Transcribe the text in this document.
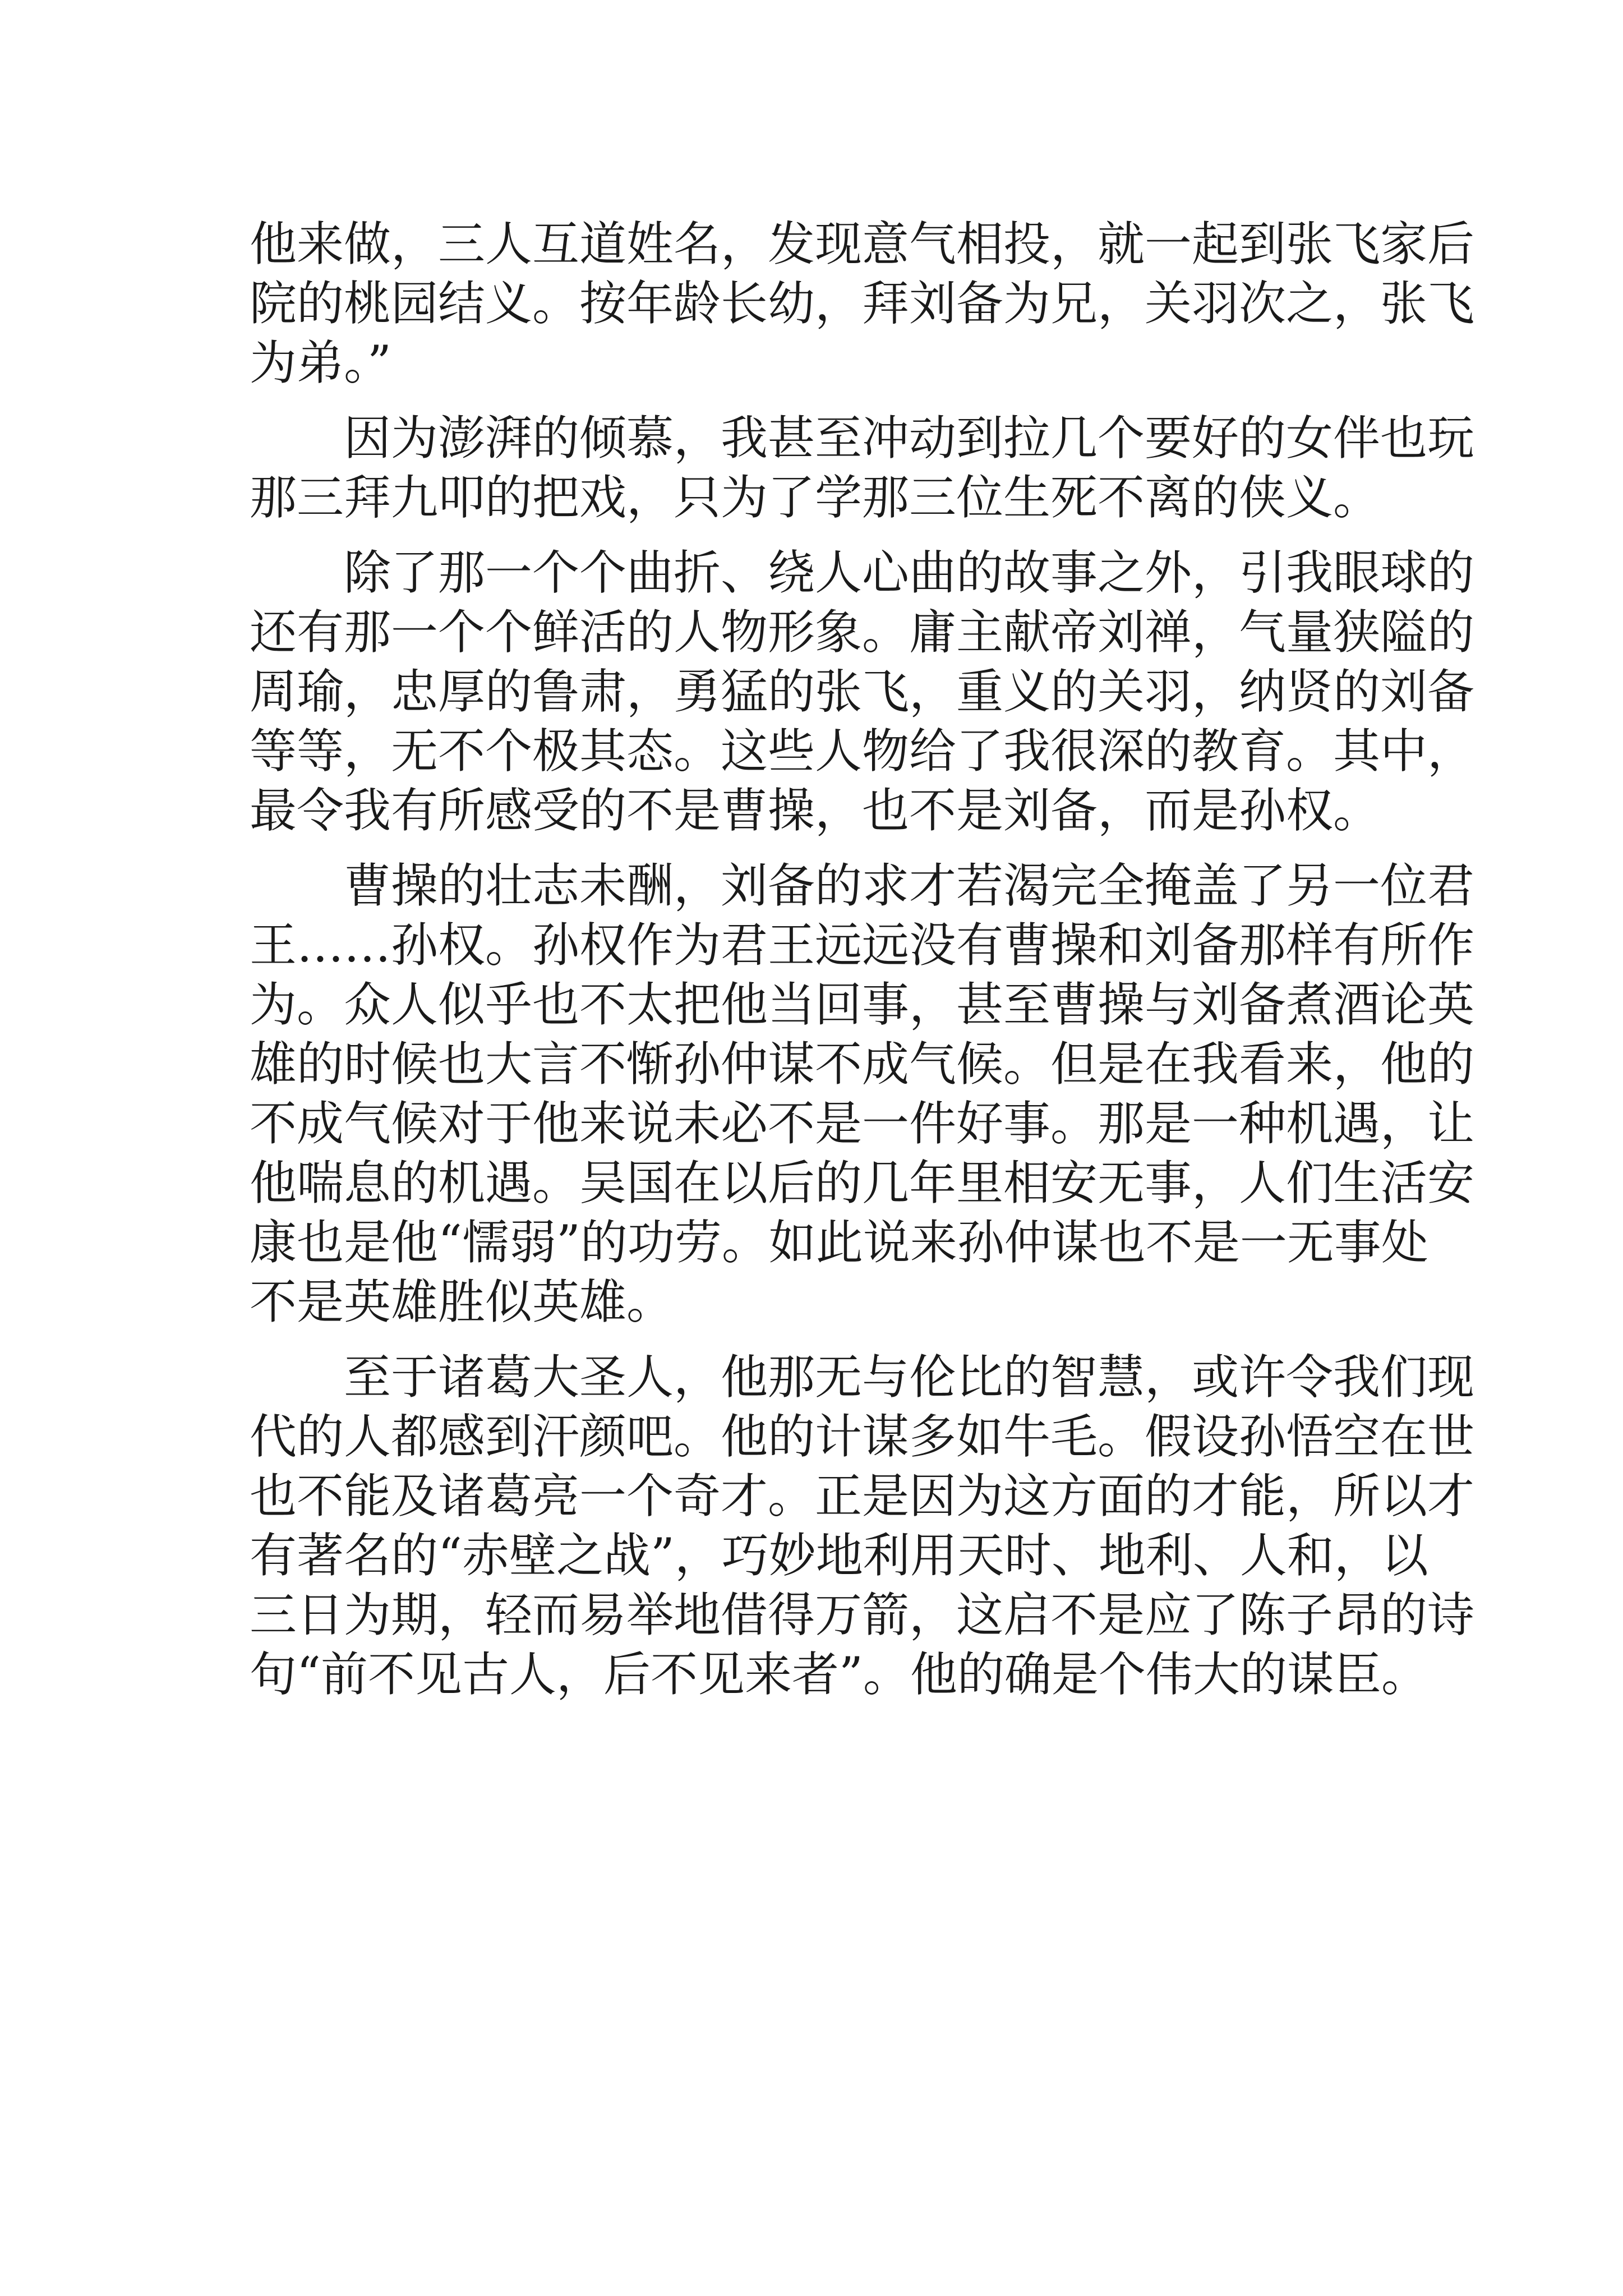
他来做，三人互道姓名，发现意气相投，就一起到张飞家后
院的桃园结义。按年龄长幼，拜刘备为兄，关羽次之，张飞
为弟。”

因为澎湃的倾慕，我甚至冲动到拉几个要好的女伴也玩
那三拜九叩的把戏，只为了学那三位生死不离的侠义。

除了那一个个曲折、绕人心曲的故事之外，引我眼球的
还有那一个个鲜活的人物形象。庸主献帝刘禅，气量狭隘的
周瑜，忠厚的鲁肃，勇猛的张飞，重义的关羽，纳贤的刘备
等等，无不个极其态。这些人物给了我很深的教育。其中，
最令我有所感受的不是曹操，也不是刘备，而是孙权。

曹操的壮志未酬，刘备的求才若渴完全掩盖了另一位君
王……孙权。孙权作为君王远远没有曹操和刘备那样有所作
为。众人似乎也不太把他当回事，甚至曹操与刘备煮酒论英
雄的时候也大言不惭孙仲谋不成气候。但是在我看来，他的
不成气候对于他来说未必不是一件好事。那是一种机遇，让
他喘息的机遇。吴国在以后的几年里相安无事，人们生活安
康也是他“懦弱”的功劳。如此说来孙仲谋也不是一无事处
不是英雄胜似英雄。

至于诸葛大圣人，他那无与伦比的智慧，或许令我们现
代的人都感到汗颜吧。他的计谋多如牛毛。假设孙悟空在世
也不能及诸葛亮一个奇才。正是因为这方面的才能，所以才
有著名的“赤壁之战”，巧妙地利用天时、地利、人和，以
三日为期，轻而易举地借得万箭，这启不是应了陈子昂的诗
句“前不见古人，后不见来者”。他的确是个伟大的谋臣。
